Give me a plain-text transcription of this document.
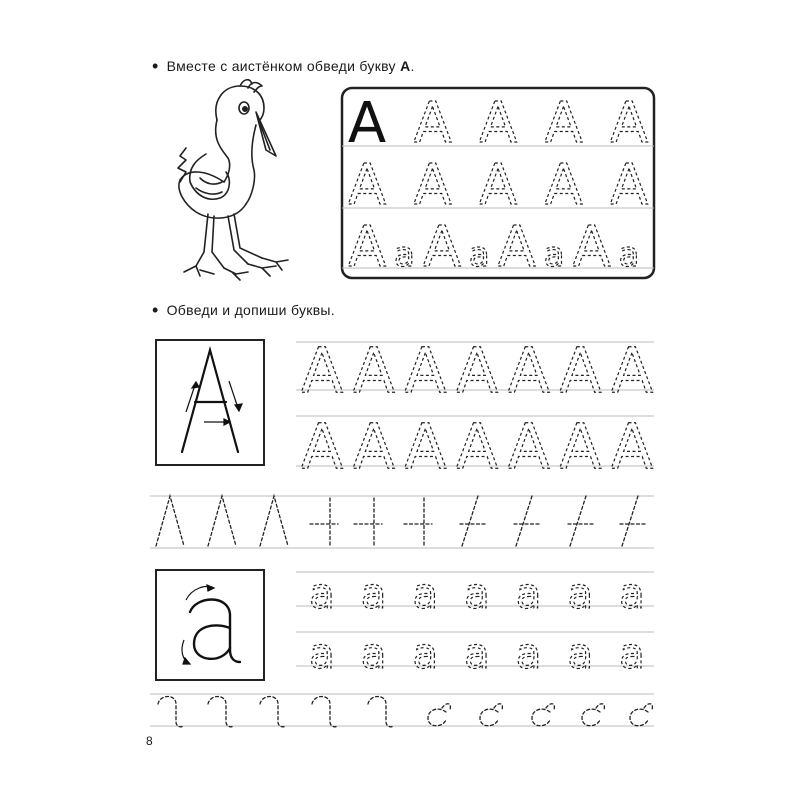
• Вместе с аистёнком обведи букву А.
• Обведи и допиши буквы.
А А А А А
А А А А А
А а А а А а А а
А А А А А А А
А А А А А А А
а а а а а а а
а а а а а а а
8
